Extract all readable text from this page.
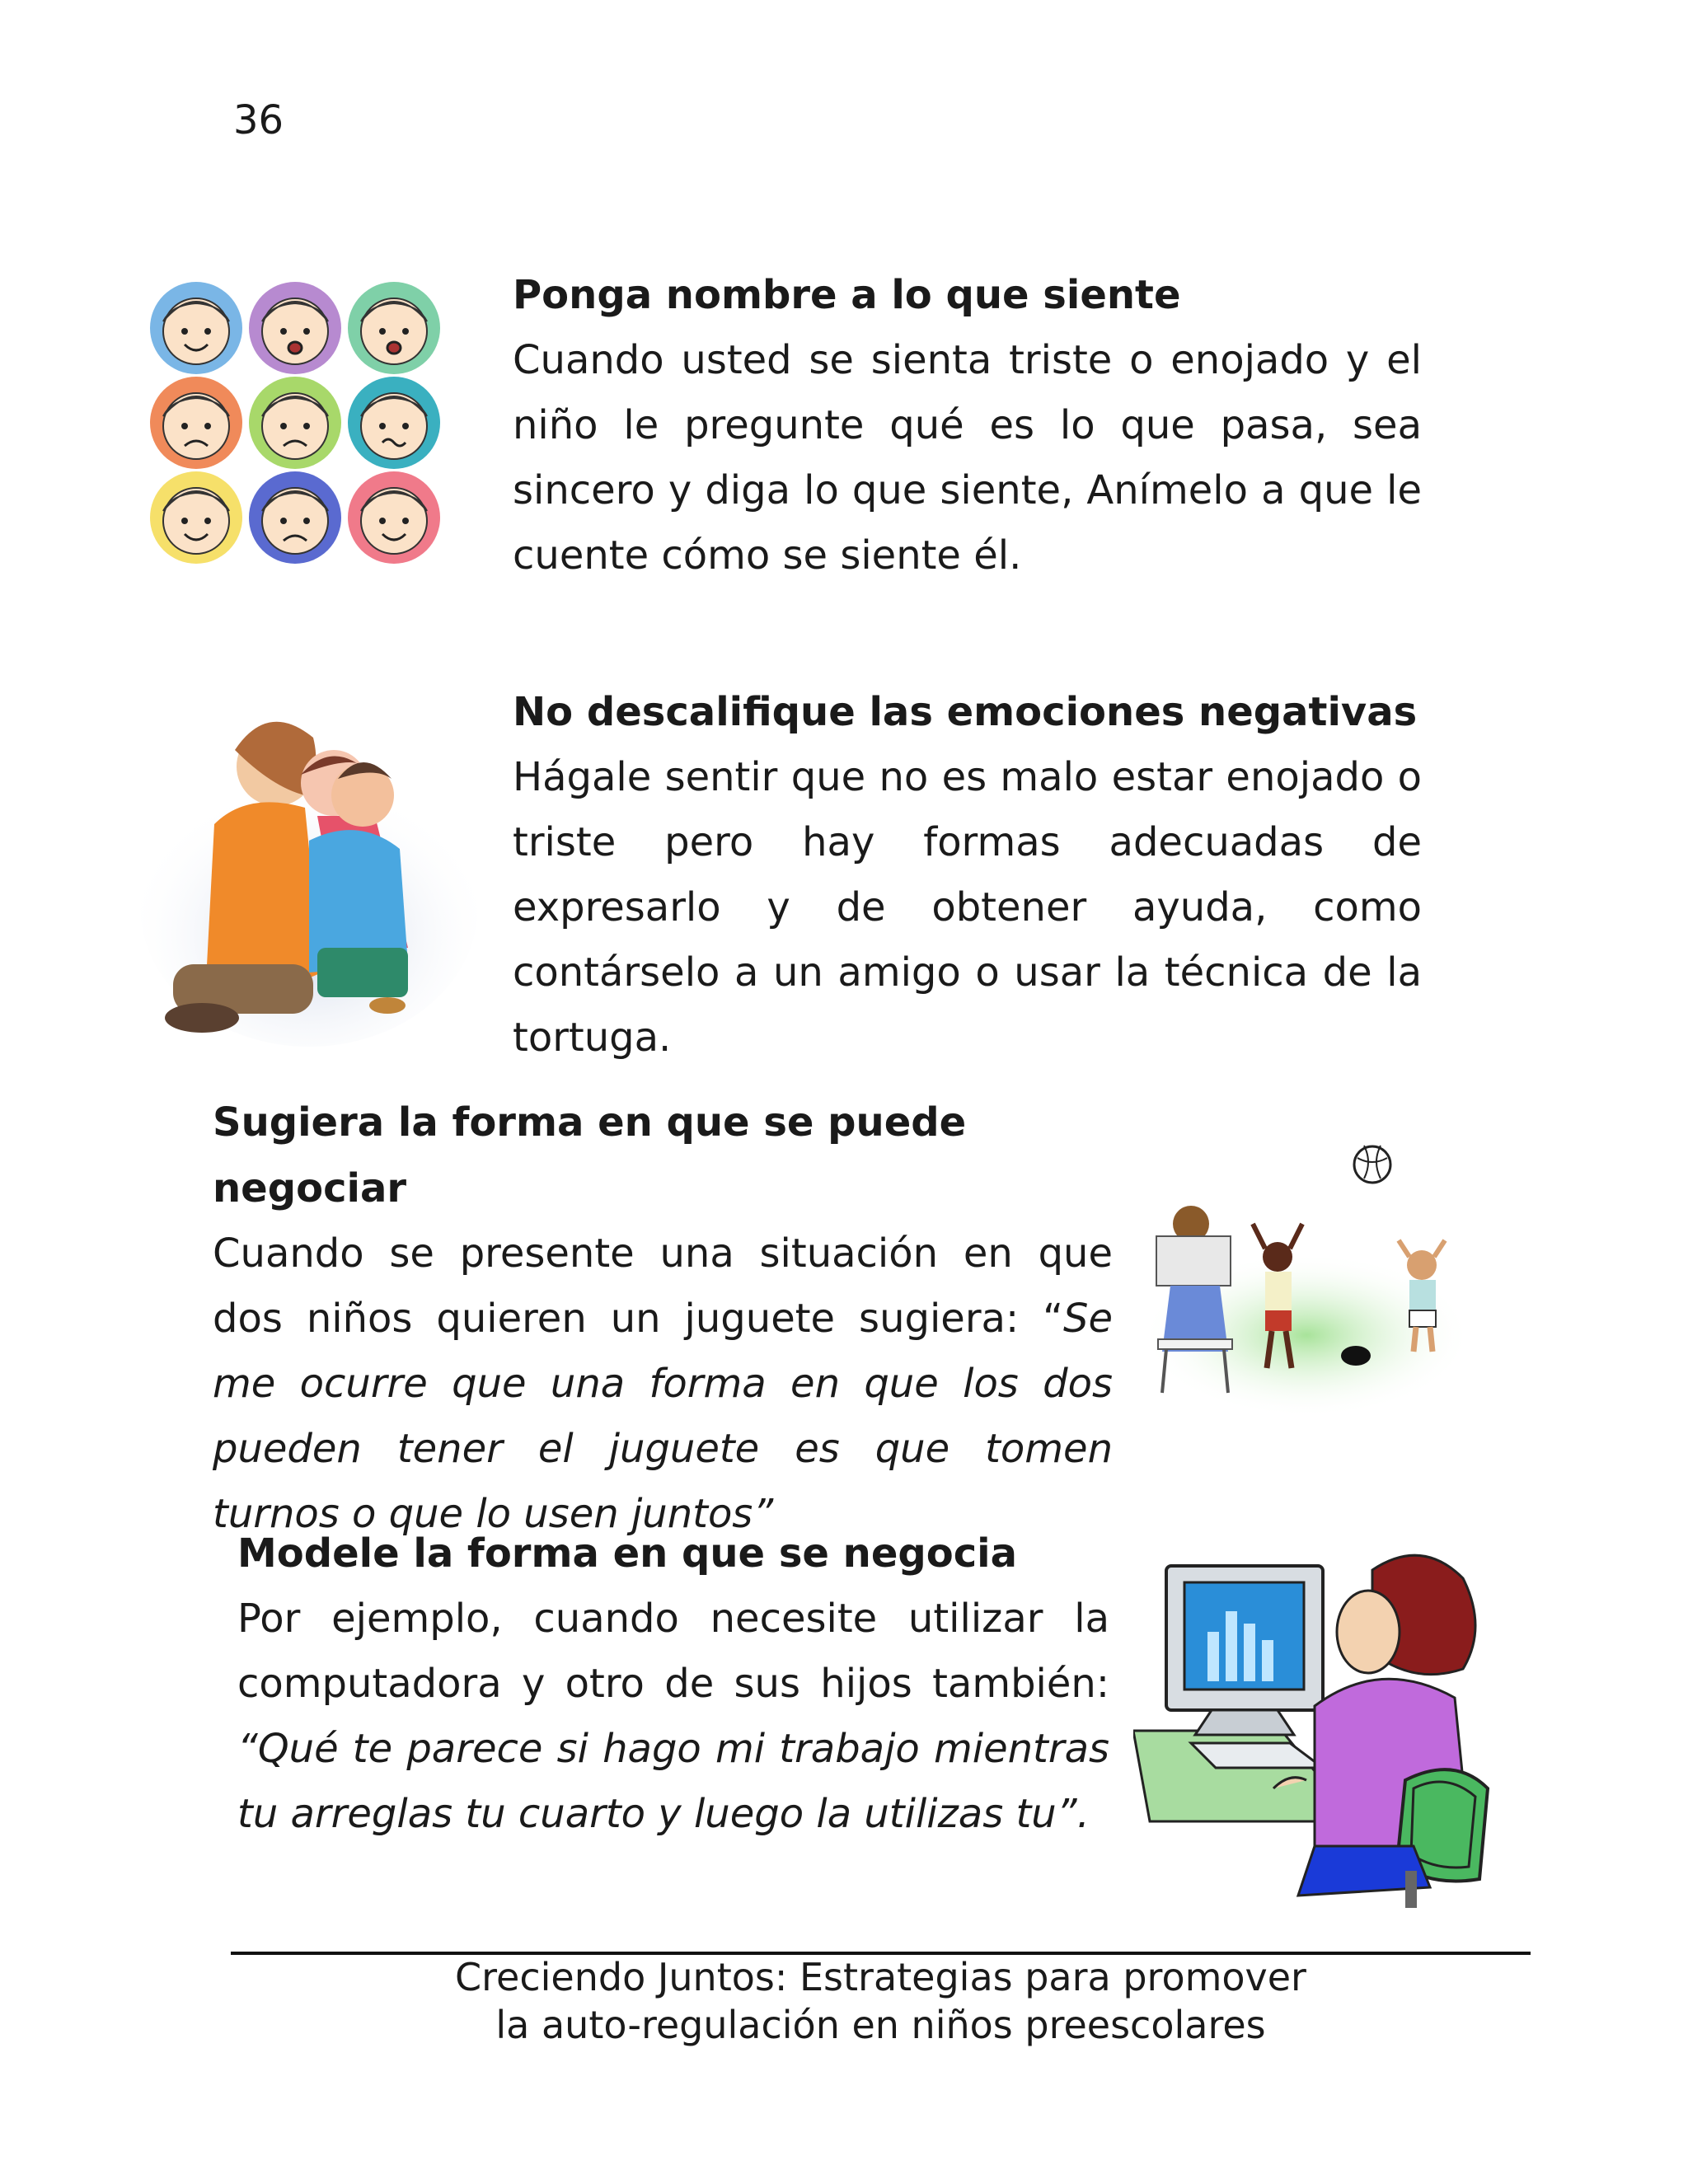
36
Ponga nombre a lo que siente
Cuando usted se sienta triste o enojado y el niño le pregunte qué es lo que pasa, sea sincero y diga lo que siente, Anímelo a que le cuente cómo se siente él.
No descalifique las emociones negativas
Hágale sentir que no es malo estar enojado o triste pero hay formas adecuadas de expresarlo y de obtener ayuda, como contárselo a un amigo o usar la técnica de la tortuga.
Sugiera la forma en que se puede negociar
Cuando se presente una situación en que dos niños quieren un juguete sugiera: “Se me ocurre que una forma en que los dos pueden tener el juguete es que tomen turnos o que lo usen juntos”
Modele la forma en que se negocia
Por ejemplo, cuando necesite utilizar la computadora y otro de sus hijos también: “Qué te parece si hago mi trabajo mientras tu arreglas tu cuarto y luego la utilizas tu”.
Creciendo Juntos: Estrategias para promover
la auto-regulación en niños preescolares
